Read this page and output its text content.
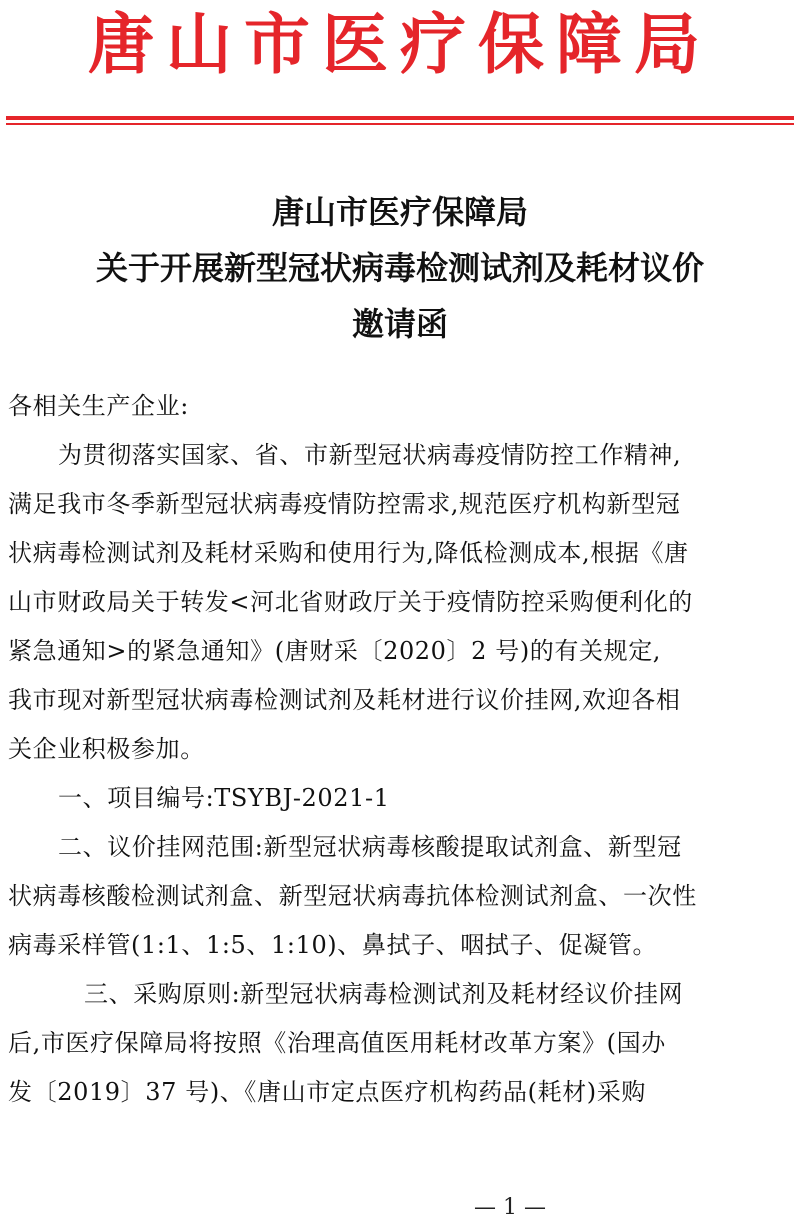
唐山市医疗保障局
唐山市医疗保障局
关于开展新型冠状病毒检测试剂及耗材议价
邀请函
各相关生产企业:
为贯彻落实国家、省、市新型冠状病毒疫情防控工作精神,
满足我市冬季新型冠状病毒疫情防控需求,规范医疗机构新型冠
状病毒检测试剂及耗材采购和使用行为,降低检测成本,根据《唐
山市财政局关于转发<河北省财政厅关于疫情防控采购便利化的
紧急通知>的紧急通知》(唐财采〔2020〕2 号)的有关规定,
我市现对新型冠状病毒检测试剂及耗材进行议价挂网,欢迎各相
关企业积极参加。
一、项目编号:TSYBJ-2021-1
二、议价挂网范围:新型冠状病毒核酸提取试剂盒、新型冠
状病毒核酸检测试剂盒、新型冠状病毒抗体检测试剂盒、一次性
病毒采样管(1:1、1:5、1:10)、鼻拭子、咽拭子、促凝管。
三、采购原则:新型冠状病毒检测试剂及耗材经议价挂网
后,市医疗保障局将按照《治理高值医用耗材改革方案》(国办
发〔2019〕37 号)、《唐山市定点医疗机构药品(耗材)采购
— 1 —
